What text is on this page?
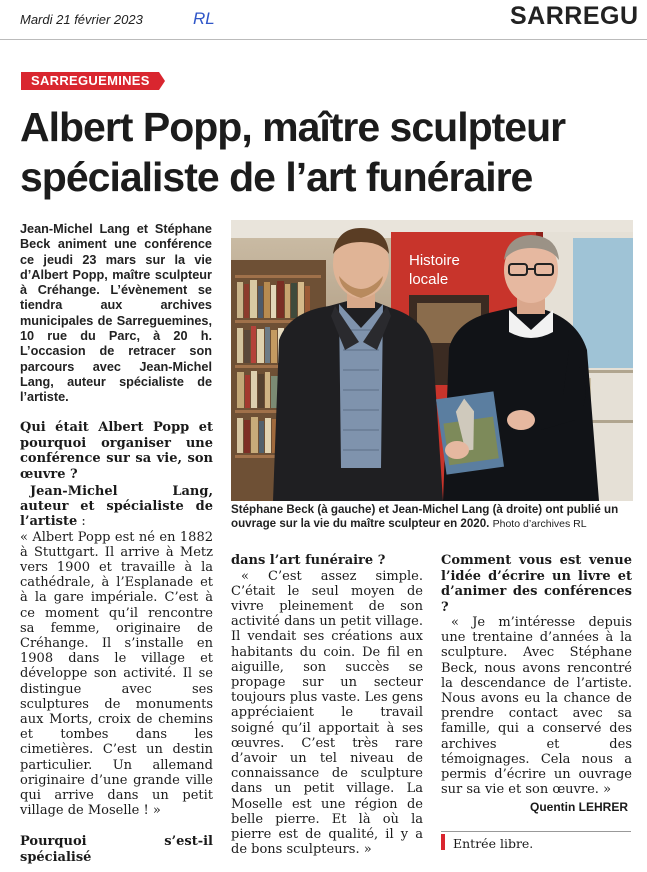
Mardi 21 février 2023	RL	SARREGU
SARREGUEMINES
Albert Popp, maître sculpteur
spécialiste de l’art funéraire
Jean-Michel Lang et Stéphane Beck animent une conférence ce jeudi 23 mars sur la vie d’Albert Popp, maître sculpteur à Créhange. L’évènement se tiendra aux archives municipales de Sarreguemines, 10 rue du Parc, à 20 h. L’occasion de retracer son parcours avec Jean-Michel Lang, auteur spécialiste de l’artiste.

Qui était Albert Popp et pourquoi organiser une conférence sur sa vie, son œuvre ?

Jean-Michel Lang, auteur et spécialiste de l’artiste :

« Albert Popp est né en 1882 à Stuttgart. Il arrive à Metz vers 1900 et travaille à la cathédrale, à l’Esplanade et à la gare impériale. C’est à ce moment qu’il rencontre sa femme, originaire de Créhange. Il s’installe en 1908 dans le village et développe son activité. Il se distingue avec ses sculptures de monuments aux Morts, croix de chemins et tombes dans les cimetières. C’est un destin particulier. Un allemand originaire d’une grande ville qui arrive dans un petit village de Moselle ! »

Pourquoi s’est-il spécialisé

Histoire
locale
Stéphane Beck (à gauche) et Jean-Michel Lang (à droite) ont publié un ouvrage sur la vie du maître sculpteur en 2020. Photo d’archives RL

dans l’art funéraire ?

« C’est assez simple. C’était le seul moyen de vivre pleinement de son activité dans un petit village. Il vendait ses créations aux habitants du coin. De fil en aiguille, son succès se propage sur un secteur toujours plus vaste. Les gens appréciaient le travail soigné qu’il apportait à ses œuvres. C’est très rare d’avoir un tel niveau de connaissance de sculpture dans un petit village. La Moselle est une région de belle pierre. Et là où la pierre est de qualité, il y a de bons sculpteurs. »

Comment vous est venue l’idée d’écrire un livre et d’animer des conférences ?

« Je m’intéresse depuis une trentaine d’années à la sculpture. Avec Stéphane Beck, nous avons rencontré la descendance de l’artiste. Nous avons eu la chance de prendre contact avec sa famille, qui a conservé des archives et des témoignages. Cela nous a permis d’écrire un ouvrage sur sa vie et son œuvre. »

Quentin LEHRER
Entrée libre.
